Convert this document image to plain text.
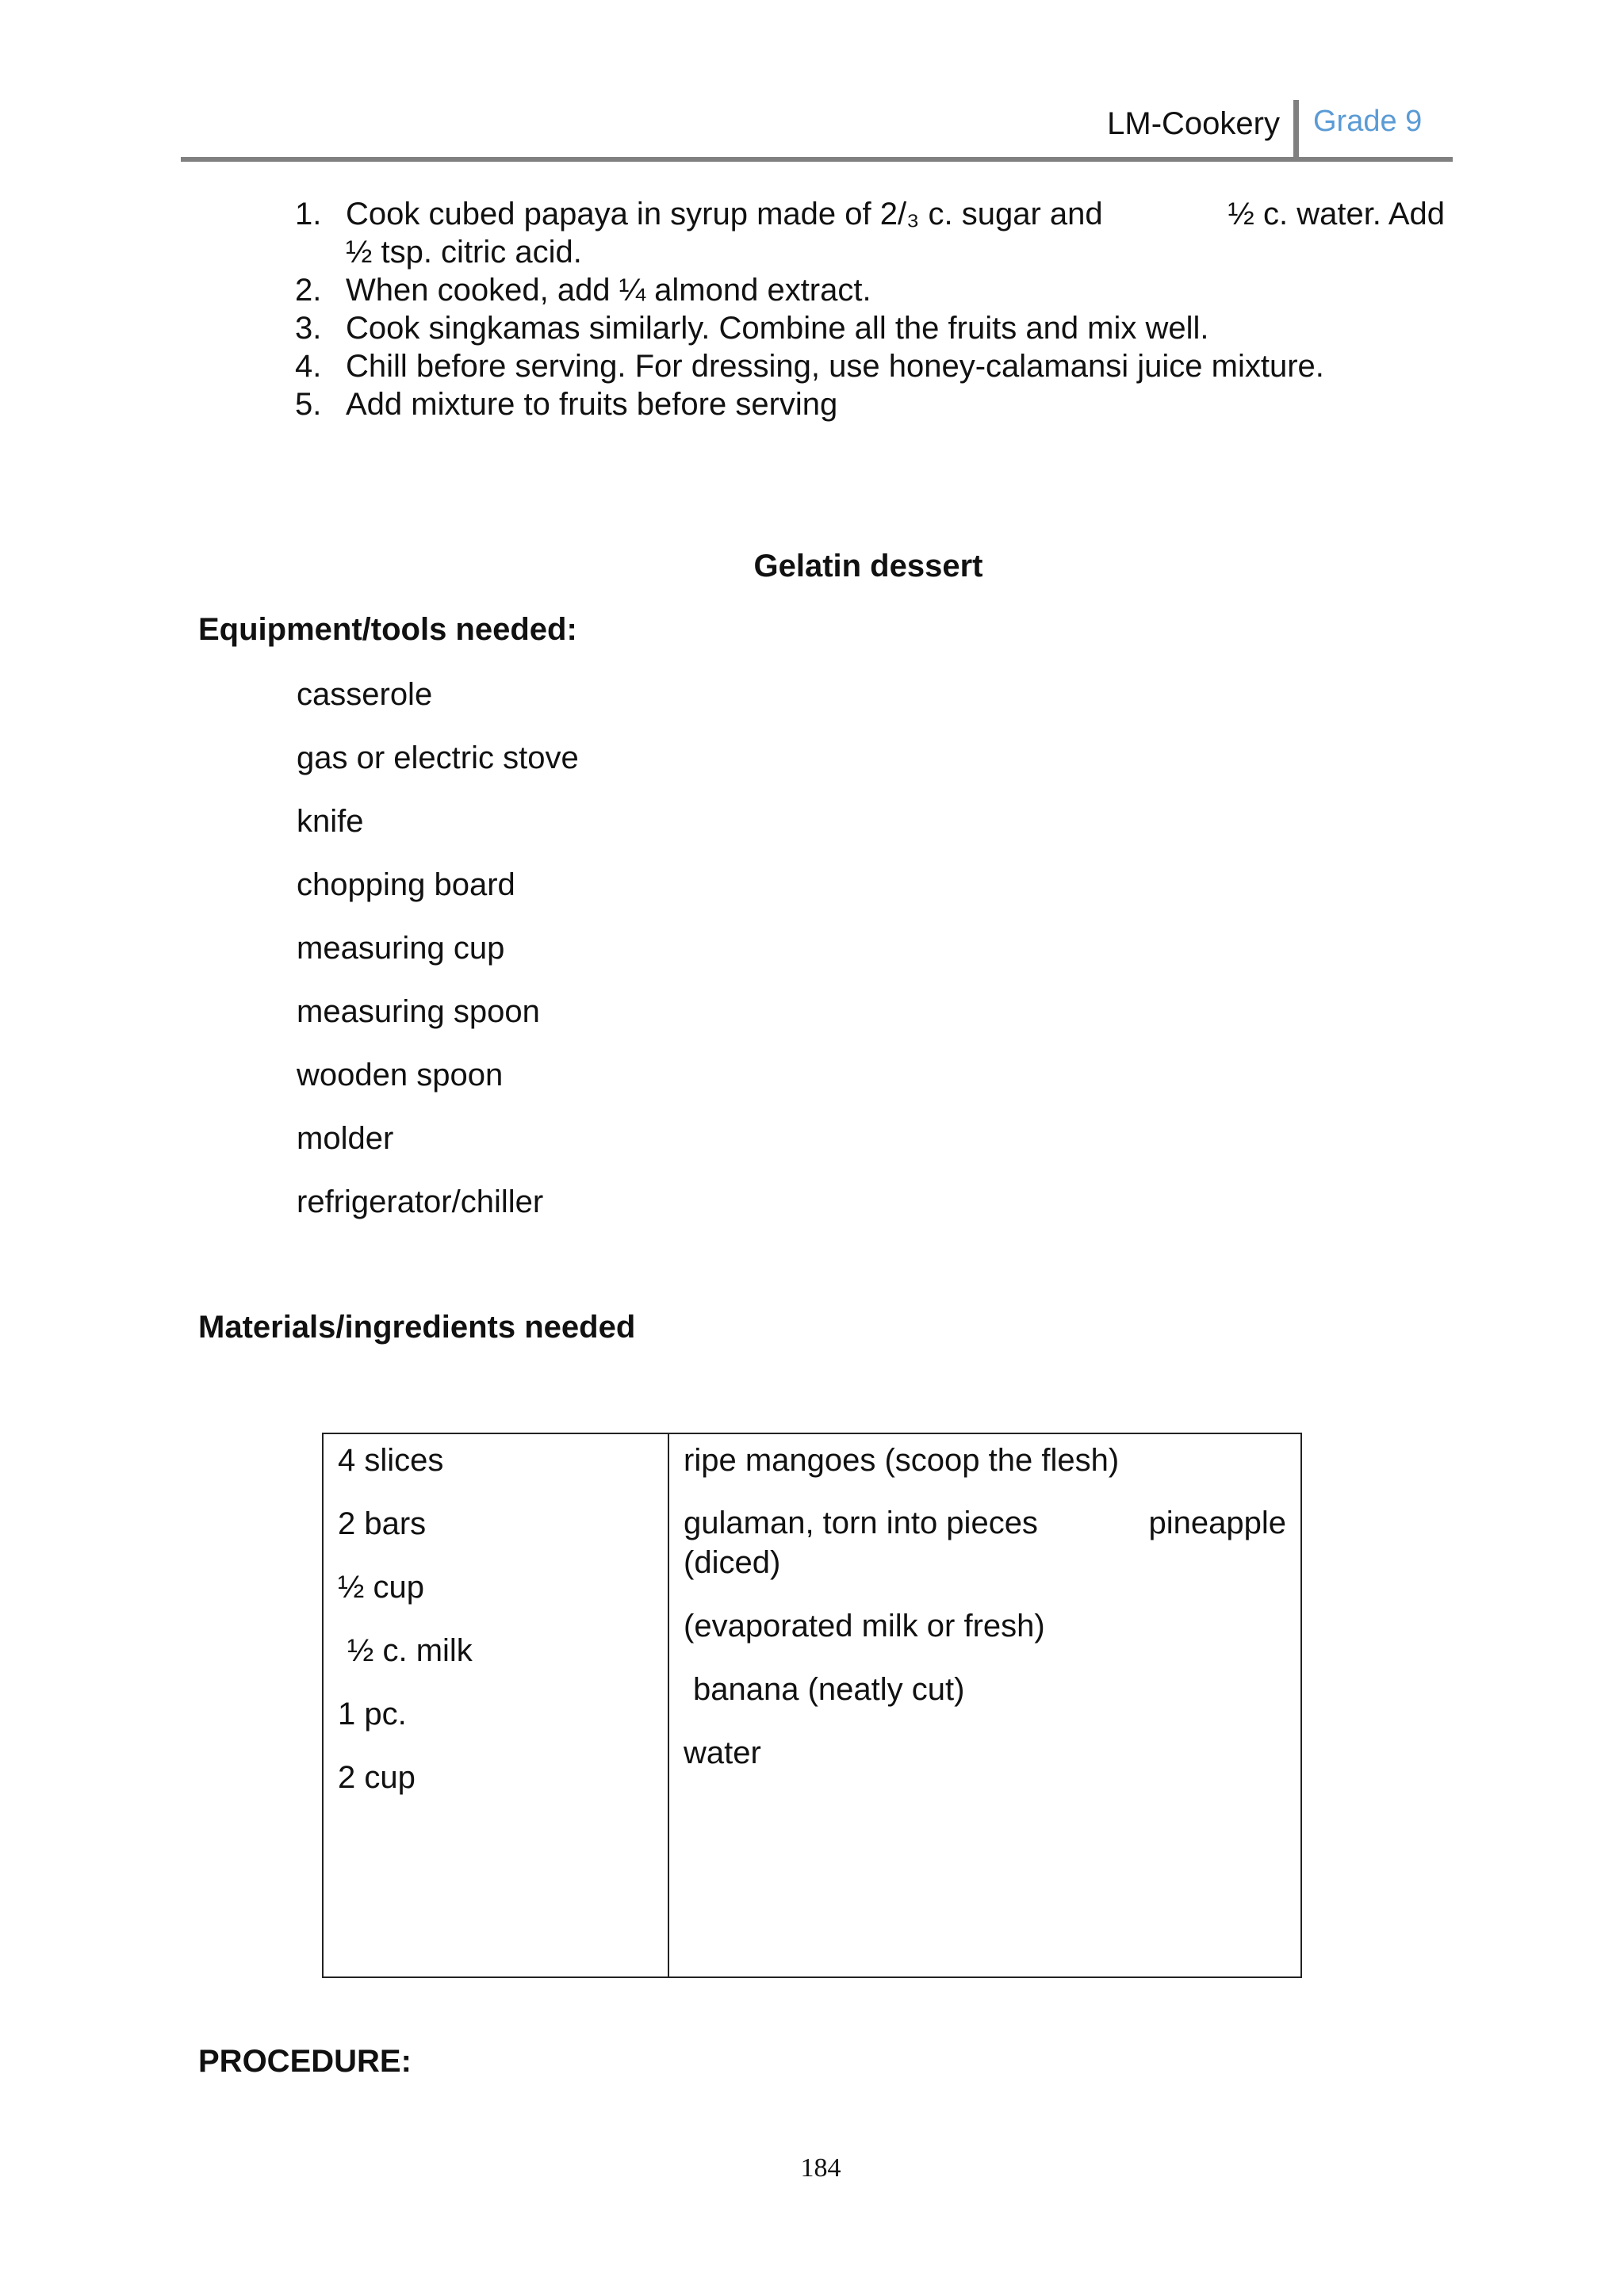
LM-Cookery Grade 9
1. Cook cubed papaya in syrup made of 2/₃ c. sugar and	½ c. water. Add
½ tsp. citric acid.
2. When cooked, add ¼ almond extract.
3. Cook singkamas similarly. Combine all the fruits and mix well.
4. Chill before serving. For dressing, use honey-calamansi juice mixture.
5. Add mixture to fruits before serving
Gelatin dessert
Equipment/tools needed:
casserole
gas or electric stove
knife
chopping board
measuring cup
measuring spoon
wooden spoon
molder
refrigerator/chiller
Materials/ingredients needed
4 slices
2 bars
½ cup
½ c. milk
1 pc.
2 cup
ripe mangoes (scoop the flesh)
gulaman, torn into pieces	pineapple
(diced)
(evaporated milk or fresh)
banana (neatly cut)
water
PROCEDURE:
184
